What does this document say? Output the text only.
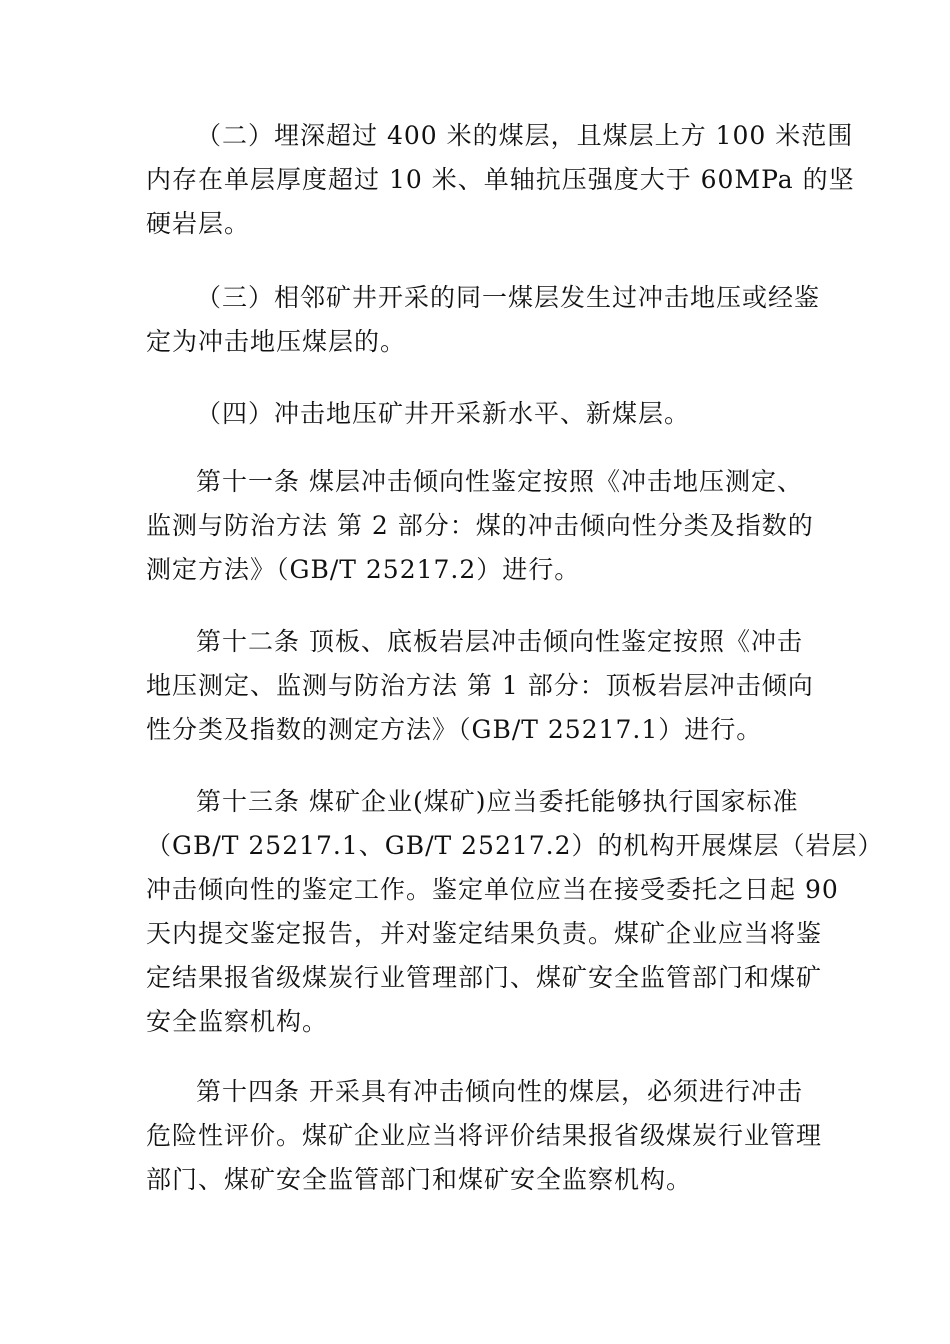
（二）埋深超过 400 米的煤层，且煤层上方 100 米范围
内存在单层厚度超过 10 米、单轴抗压强度大于 60MPa 的坚
硬岩层。

（三）相邻矿井开采的同一煤层发生过冲击地压或经鉴
定为冲击地压煤层的。

（四）冲击地压矿井开采新水平、新煤层。

第十一条 煤层冲击倾向性鉴定按照《冲击地压测定、
监测与防治方法 第 2 部分：煤的冲击倾向性分类及指数的
测定方法》（GB/T 25217.2）进行。

第十二条 顶板、底板岩层冲击倾向性鉴定按照《冲击
地压测定、监测与防治方法 第 1 部分：顶板岩层冲击倾向
性分类及指数的测定方法》（GB/T 25217.1）进行。

第十三条 煤矿企业(煤矿)应当委托能够执行国家标准
（GB/T 25217.1、GB/T 25217.2）的机构开展煤层（岩层）
冲击倾向性的鉴定工作。鉴定单位应当在接受委托之日起 90
天内提交鉴定报告，并对鉴定结果负责。煤矿企业应当将鉴
定结果报省级煤炭行业管理部门、煤矿安全监管部门和煤矿
安全监察机构。

第十四条 开采具有冲击倾向性的煤层，必须进行冲击
危险性评价。煤矿企业应当将评价结果报省级煤炭行业管理
部门、煤矿安全监管部门和煤矿安全监察机构。
